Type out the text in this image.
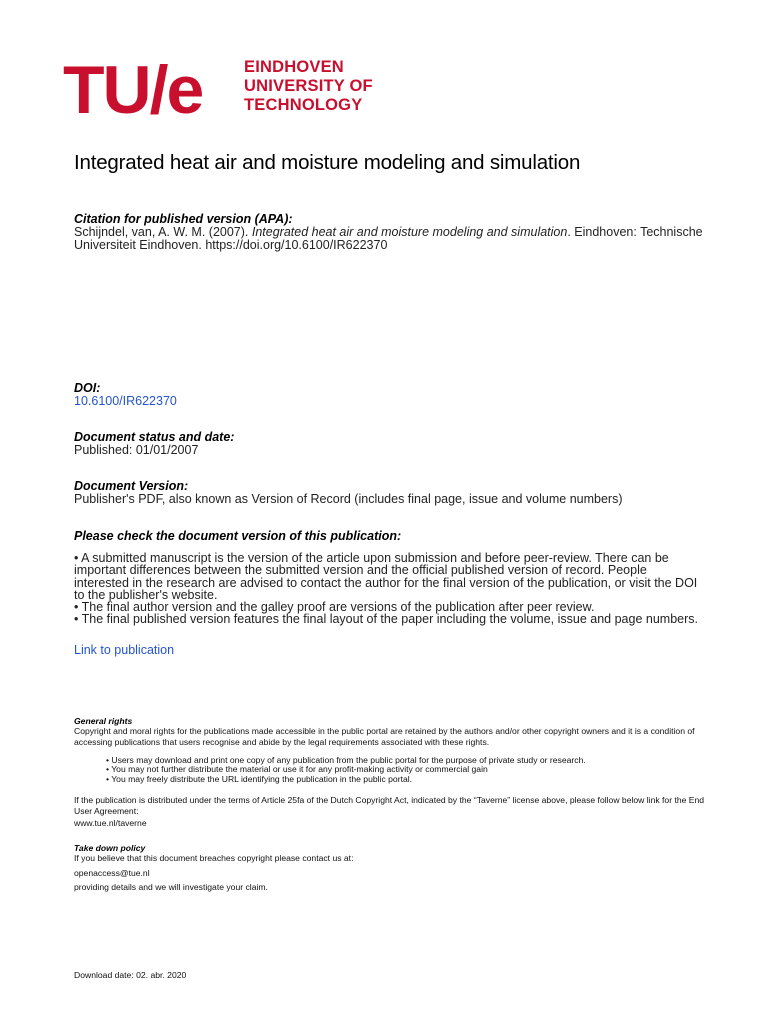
TU/e	EINDHOVEN
UNIVERSITY OF
TECHNOLOGY
Integrated heat air and moisture modeling and simulation
Citation for published version (APA):
Schijndel, van, A. W. M. (2007). Integrated heat air and moisture modeling and simulation. Eindhoven: Technische Universiteit Eindhoven. https://doi.org/10.6100/IR622370
DOI:
10.6100/IR622370
Document status and date:
Published: 01/01/2007
Document Version:
Publisher's PDF, also known as Version of Record (includes final page, issue and volume numbers)
Please check the document version of this publication:

• A submitted manuscript is the version of the article upon submission and before peer-review. There can be important differences between the submitted version and the official published version of record. People interested in the research are advised to contact the author for the final version of the publication, or visit the DOI to the publisher's website.

• The final author version and the galley proof are versions of the publication after peer review.

• The final published version features the final layout of the paper including the volume, issue and page numbers.

Link to publication
General rights
Copyright and moral rights for the publications made accessible in the public portal are retained by the authors and/or other copyright owners and it is a condition of accessing publications that users recognise and abide by the legal requirements associated with these rights.
• Users may download and print one copy of any publication from the public portal for the purpose of private study or research.
• You may not further distribute the material or use it for any profit-making activity or commercial gain
• You may freely distribute the URL identifying the publication in the public portal.
If the publication is distributed under the terms of Article 25fa of the Dutch Copyright Act, indicated by the “Taverne” license above, please follow below link for the End User Agreement:
www.tue.nl/taverne
Take down policy
If you believe that this document breaches copyright please contact us at:
openaccess@tue.nl
providing details and we will investigate your claim.
Download date: 02. abr. 2020
